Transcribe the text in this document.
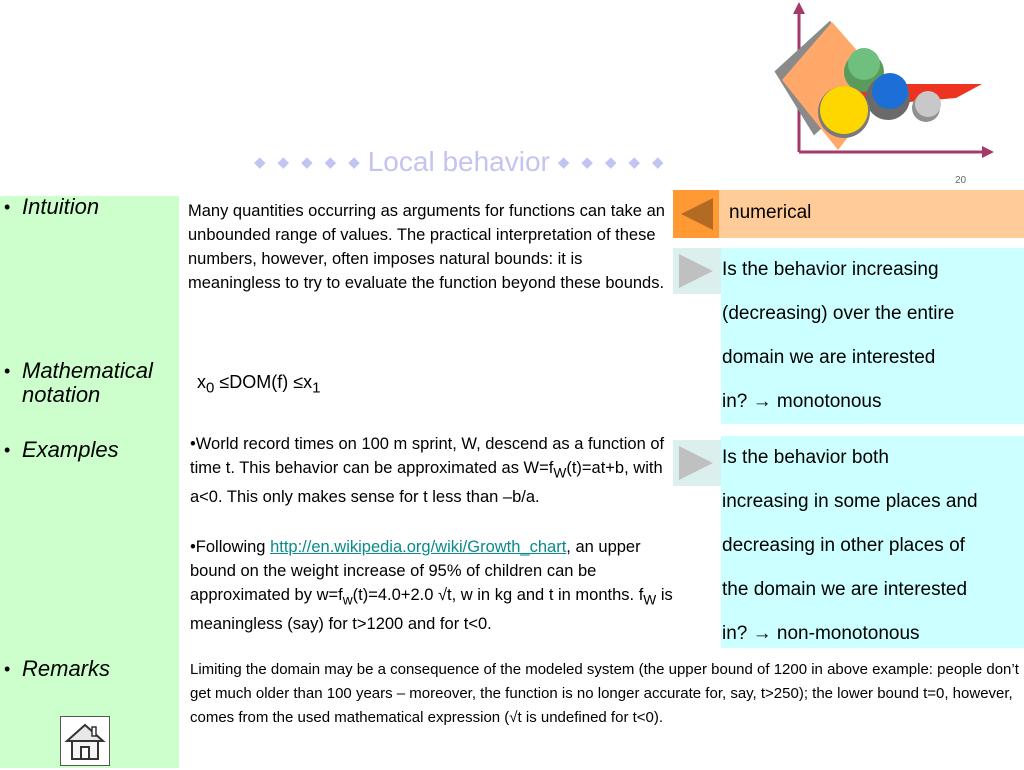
◆ ◆ ◆ ◆ ◆ Local behavior ◆ ◆ ◆ ◆ ◆
20
• Intuition
• Mathematical notation
• Examples
• Remarks
Many quantities occurring as arguments for functions can take an unbounded range of values. The practical interpretation of these numbers, however, often imposes natural bounds: it is meaningless to try to evaluate the function beyond these bounds.
$x_0 \le DOM(f) \le x_1$
•World record times on 100 m sprint, W, descend as a function of time t. This behavior can be approximated as $W=f_W(t)=at+b$, with a<0. This only makes sense for t less than –b/a.
•Following http://en.wikipedia.org/wiki/Growth_chart, an upper bound on the weight increase of 95% of children can be approximated by $w=f_w(t)=4.0+2.0$ √t, w in kg and t in months. $f_W$ is meaningless (say) for t>1200 and for t<0.
Limiting the domain may be a consequence of the modeled system (the upper bound of 1200 in above example: people don’t get much older than 100 years – moreover, the function is no longer accurate for, say, t>250); the lower bound t=0, however, comes from the used mathematical expression (√t is undefined for t<0).
numerical
Is the behavior increasing
(decreasing) over the entire
domain we are interested
in? → monotonous
Is the behavior both
increasing in some places and
decreasing in other places of
the domain we are interested
in? → non-monotonous
